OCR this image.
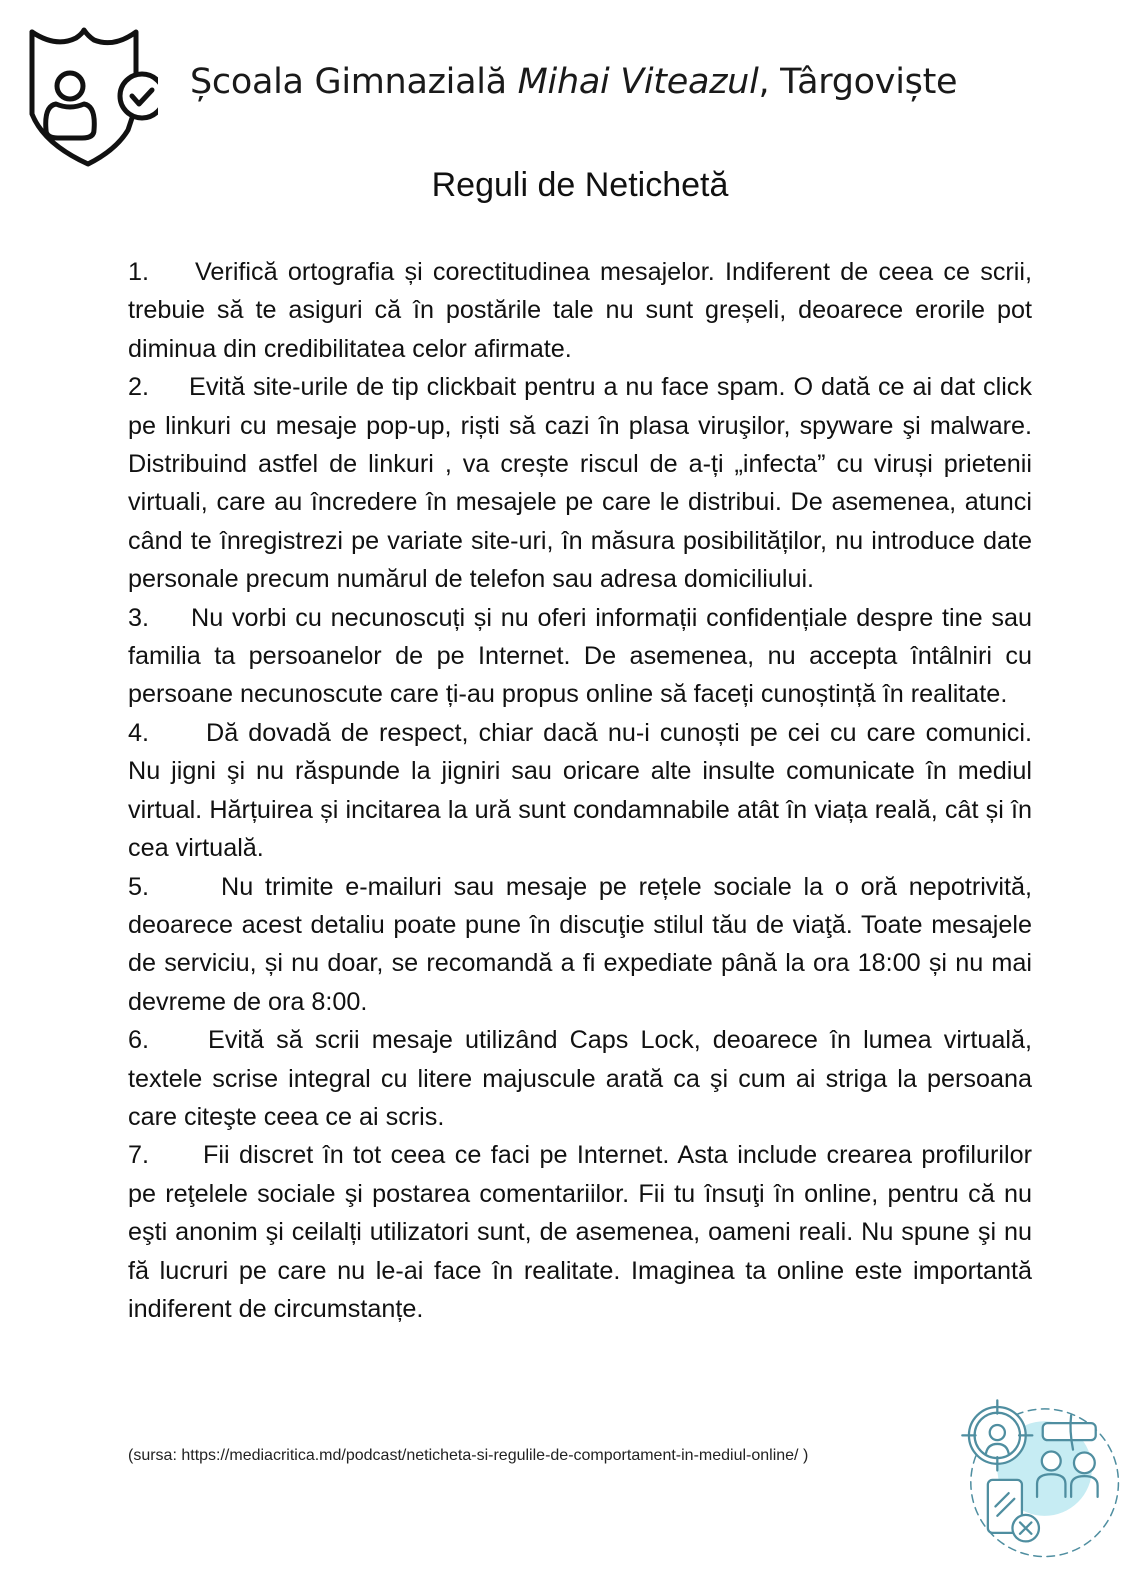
Școala Gimnazială Mihai Viteazul, Târgoviște
Reguli de Netichetă

1. Verifică ortografia și corectitudinea mesajelor. Indiferent de ceea ce scrii, trebuie să te asiguri că în postările tale nu sunt greșeli, deoarece erorile pot diminua din credibilitatea celor afirmate.

2. Evită site-urile de tip clickbait pentru a nu face spam. O dată ce ai dat click pe linkuri cu mesaje pop-up, riști să cazi în plasa viruşilor, spyware şi malware. Distribuind astfel de linkuri , va crește riscul de a-ți „infecta” cu viruși prietenii virtuali, care au încredere în mesajele pe care le distribui. De asemenea, atunci când te înregistrezi pe variate site-uri, în măsura posibilităților, nu introduce date personale precum numărul de telefon sau adresa domiciliului.

3. Nu vorbi cu necunoscuți și nu oferi informații confidențiale despre tine sau familia ta persoanelor de pe Internet. De asemenea, nu accepta întâlniri cu persoane necunoscute care ți-au propus online să faceți cunoștință în realitate.

4. Dă dovadă de respect, chiar dacă nu-i cunoști pe cei cu care comunici. Nu jigni şi nu răspunde la jigniri sau oricare alte insulte comunicate în mediul virtual. Hărțuirea și incitarea la ură sunt condamnabile atât în viața reală, cât și în cea virtuală.

5.	Nu trimite e-mailuri sau mesaje pe rețele sociale la o oră nepotrivită, deoarece acest detaliu poate pune în discuţie stilul tău de viaţă. Toate mesajele de serviciu, și nu doar, se recomandă a fi expediate până la ora 18:00 și nu mai devreme de ora 8:00.

6. Evită să scrii mesaje utilizând Caps Lock, deoarece în lumea virtuală, textele scrise integral cu litere majuscule arată ca şi cum ai striga la persoana care citeşte ceea ce ai scris.

7. Fii discret în tot ceea ce faci pe Internet. Asta include crearea profilurilor pe reţelele sociale şi postarea comentariilor. Fii tu însuţi în online, pentru că nu eşti anonim şi ceilalți utilizatori sunt, de asemenea, oameni reali. Nu spune şi nu fă lucruri pe care nu le-ai face în realitate. Imaginea ta online este importantă indiferent de circumstanțe.

(sursa: https://mediacritica.md/podcast/neticheta-si-regulile-de-comportament-in-mediul-online/ )
